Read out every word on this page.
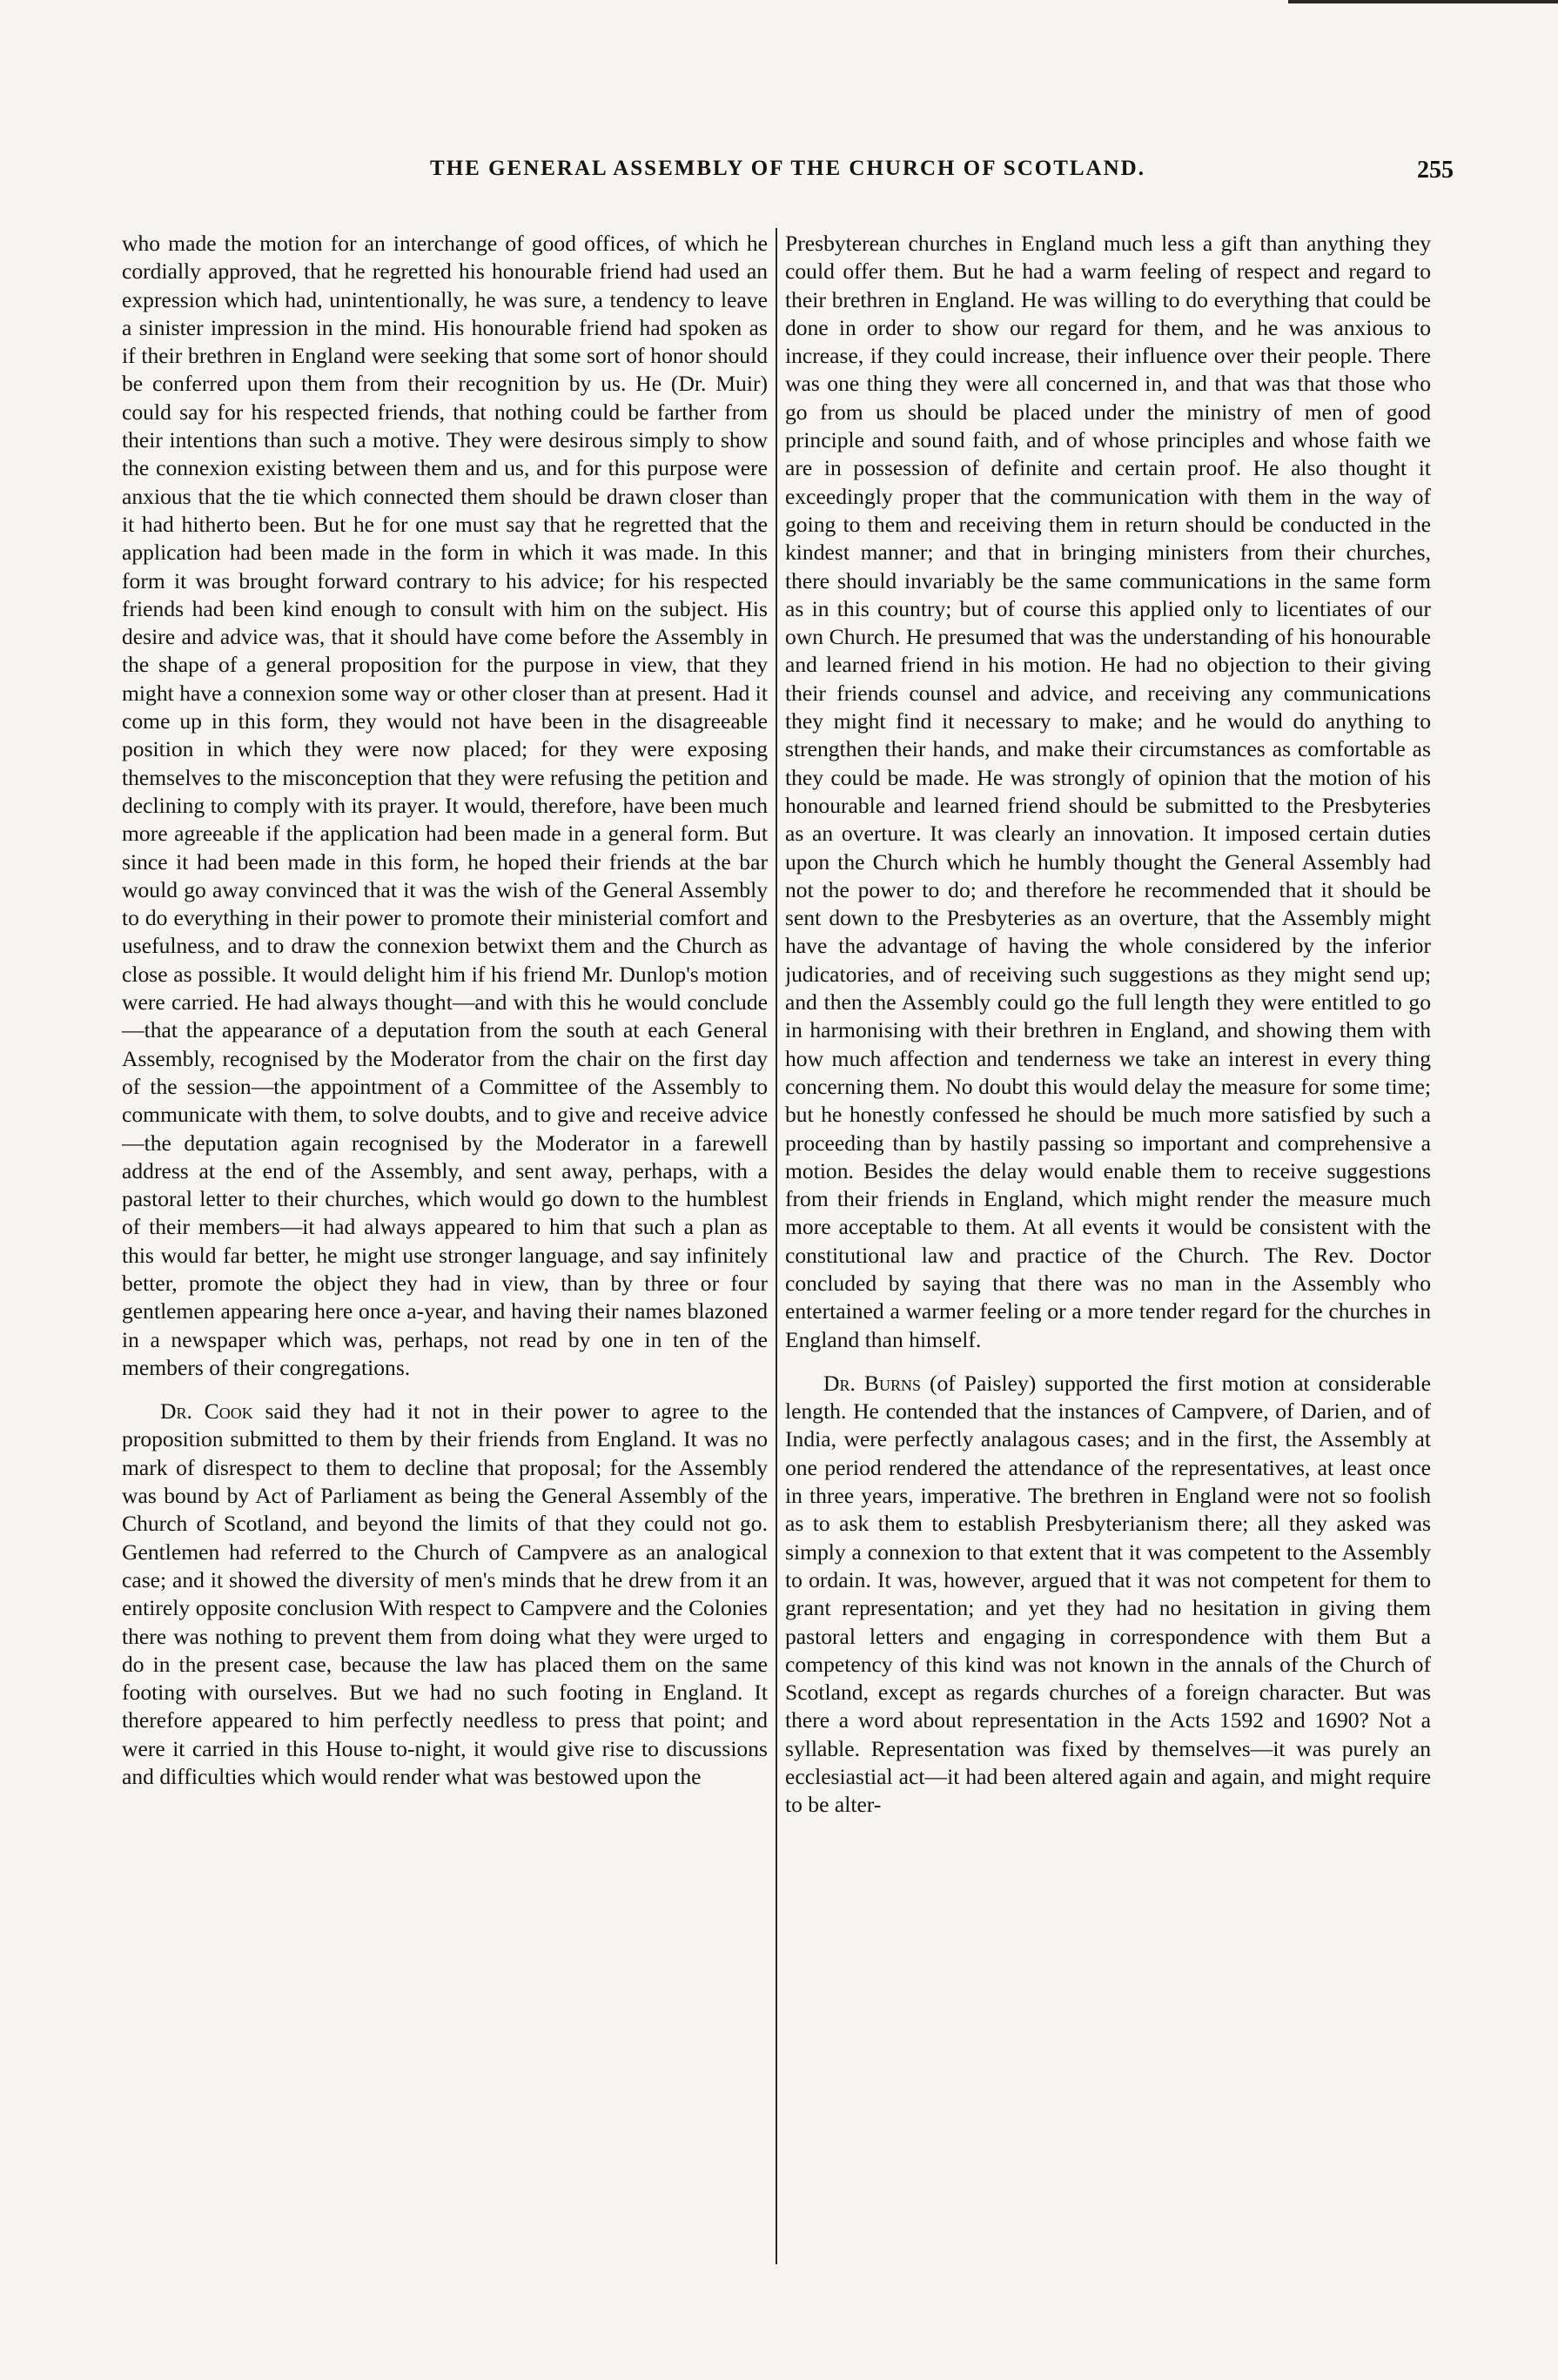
THE GENERAL ASSEMBLY OF THE CHURCH OF SCOTLAND.	255

who made the motion for an interchange of good offices, of which he cordially approved, that he regretted his honourable friend had used an expression which had, unintentionally, he was sure, a tendency to leave a sinister impression in the mind. His honourable friend had spoken as if their brethren in England were seeking that some sort of honor should be conferred upon them from their recognition by us. He (Dr. Muir) could say for his respected friends, that nothing could be farther from their intentions than such a motive. They were desirous simply to show the connexion existing between them and us, and for this purpose were anxious that the tie which connected them should be drawn closer than it had hitherto been. But he for one must say that he regretted that the application had been made in the form in which it was made. In this form it was brought forward contrary to his advice; for his respected friends had been kind enough to consult with him on the subject. His desire and advice was, that it should have come before the Assembly in the shape of a general proposition for the purpose in view, that they might have a connexion some way or other closer than at present. Had it come up in this form, they would not have been in the disagreeable position in which they were now placed; for they were exposing themselves to the misconception that they were refusing the petition and declining to comply with its prayer. It would, therefore, have been much more agreeable if the application had been made in a general form. But since it had been made in this form, he hoped their friends at the bar would go away convinced that it was the wish of the General Assembly to do everything in their power to promote their ministerial comfort and usefulness, and to draw the connexion betwixt them and the Church as close as possible. It would delight him if his friend Mr. Dunlop's motion were carried. He had always thought—and with this he would conclude—that the appearance of a deputation from the south at each General Assembly, recognised by the Moderator from the chair on the first day of the session—the appointment of a Committee of the Assembly to communicate with them, to solve doubts, and to give and receive advice—the deputation again recognised by the Moderator in a farewell address at the end of the Assembly, and sent away, perhaps, with a pastoral letter to their churches, which would go down to the humblest of their members—it had always appeared to him that such a plan as this would far better, he might use stronger language, and say infinitely better, promote the object they had in view, than by three or four gentlemen appearing here once a-year, and having their names blazoned in a newspaper which was, perhaps, not read by one in ten of the members of their congregations.

Dr. Cook said they had it not in their power to agree to the proposition submitted to them by their friends from England. It was no mark of disrespect to them to decline that proposal; for the Assembly was bound by Act of Parliament as being the General Assembly of the Church of Scotland, and beyond the limits of that they could not go. Gentlemen had referred to the Church of Campvere as an analogical case; and it showed the diversity of men's minds that he drew from it an entirely opposite conclusion With respect to Campvere and the Colonies there was nothing to prevent them from doing what they were urged to do in the present case, because the law has placed them on the same footing with ourselves. But we had no such footing in England. It therefore appeared to him perfectly needless to press that point; and were it carried in this House to-night, it would give rise to discussions and difficulties which would render what was bestowed upon the

Presbyterean churches in England much less a gift than anything they could offer them. But he had a warm feeling of respect and regard to their brethren in England. He was willing to do everything that could be done in order to show our regard for them, and he was anxious to increase, if they could increase, their influence over their people. There was one thing they were all concerned in, and that was that those who go from us should be placed under the ministry of men of good principle and sound faith, and of whose principles and whose faith we are in possession of definite and certain proof. He also thought it exceedingly proper that the communication with them in the way of going to them and receiving them in return should be conducted in the kindest manner; and that in bringing ministers from their churches, there should invariably be the same communications in the same form as in this country; but of course this applied only to licentiates of our own Church. He presumed that was the understanding of his honourable and learned friend in his motion. He had no objection to their giving their friends counsel and advice, and receiving any communications they might find it necessary to make; and he would do anything to strengthen their hands, and make their circumstances as comfortable as they could be made. He was strongly of opinion that the motion of his honourable and learned friend should be submitted to the Presbyteries as an overture. It was clearly an innovation. It imposed certain duties upon the Church which he humbly thought the General Assembly had not the power to do; and therefore he recommended that it should be sent down to the Presbyteries as an overture, that the Assembly might have the advantage of having the whole considered by the inferior judicatories, and of receiving such suggestions as they might send up; and then the Assembly could go the full length they were entitled to go in harmonising with their brethren in England, and showing them with how much affection and tenderness we take an interest in every thing concerning them. No doubt this would delay the measure for some time; but he honestly confessed he should be much more satisfied by such a proceeding than by hastily passing so important and comprehensive a motion. Besides the delay would enable them to receive suggestions from their friends in England, which might render the measure much more acceptable to them. At all events it would be consistent with the constitutional law and practice of the Church. The Rev. Doctor concluded by saying that there was no man in the Assembly who entertained a warmer feeling or a more tender regard for the churches in England than himself.

Dr. Burns (of Paisley) supported the first motion at considerable length. He contended that the instances of Campvere, of Darien, and of India, were perfectly analagous cases; and in the first, the Assembly at one period rendered the attendance of the representatives, at least once in three years, imperative. The brethren in England were not so foolish as to ask them to establish Presbyterianism there; all they asked was simply a connexion to that extent that it was competent to the Assembly to ordain. It was, however, argued that it was not competent for them to grant representation; and yet they had no hesitation in giving them pastoral letters and engaging in correspondence with them But a competency of this kind was not known in the annals of the Church of Scotland, except as regards churches of a foreign character. But was there a word about representation in the Acts 1592 and 1690? Not a syllable. Representation was fixed by themselves—it was purely an ecclesiastial act—it had been altered again and again, and might require to be alter-
